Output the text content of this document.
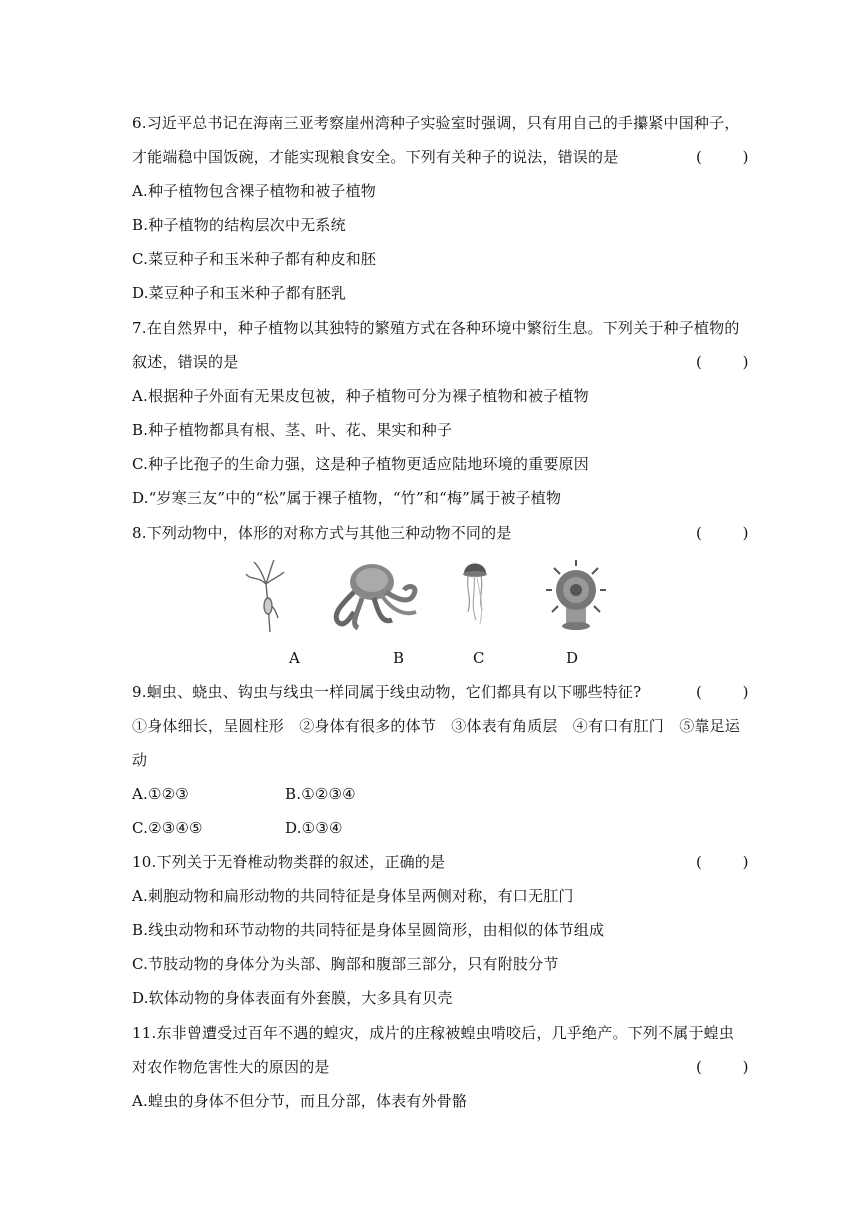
6.习近平总书记在海南三亚考察崖州湾种子实验室时强调，只有用自己的手攥紧中国种子，
才能端稳中国饭碗，才能实现粮食安全。下列有关种子的说法，错误的是	( )
A.种子植物包含裸子植物和被子植物
B.种子植物的结构层次中无系统
C.菜豆种子和玉米种子都有种皮和胚
D.菜豆种子和玉米种子都有胚乳
7.在自然界中，种子植物以其独特的繁殖方式在各种环境中繁衍生息。下列关于种子植物的
叙述，错误的是	( )
A.根据种子外面有无果皮包被，种子植物可分为裸子植物和被子植物
B.种子植物都具有根、茎、叶、花、果实和种子
C.种子比孢子的生命力强，这是种子植物更适应陆地环境的重要原因
D.“岁寒三友”中的“松”属于裸子植物，“竹”和“梅”属于被子植物
8.下列动物中，体形的对称方式与其他三种动物不同的是	( )
A	B	C	D
9.蛔虫、蛲虫、钩虫与线虫一样同属于线虫动物，它们都具有以下哪些特征?	( )
①身体细长，呈圆柱形　②身体有很多的体节　③体表有角质层　④有口有肛门　⑤靠足运
动
A.①②③	B.①②③④
C.②③④⑤	D.①③④
10.下列关于无脊椎动物类群的叙述，正确的是	( )
A.刺胞动物和扁形动物的共同特征是身体呈两侧对称，有口无肛门
B.线虫动物和环节动物的共同特征是身体呈圆筒形，由相似的体节组成
C.节肢动物的身体分为头部、胸部和腹部三部分，只有附肢分节
D.软体动物的身体表面有外套膜，大多具有贝壳
11.东非曾遭受过百年不遇的蝗灾，成片的庄稼被蝗虫啃咬后，几乎绝产。下列不属于蝗虫
对农作物危害性大的原因的是	( )
A.蝗虫的身体不但分节，而且分部，体表有外骨骼
